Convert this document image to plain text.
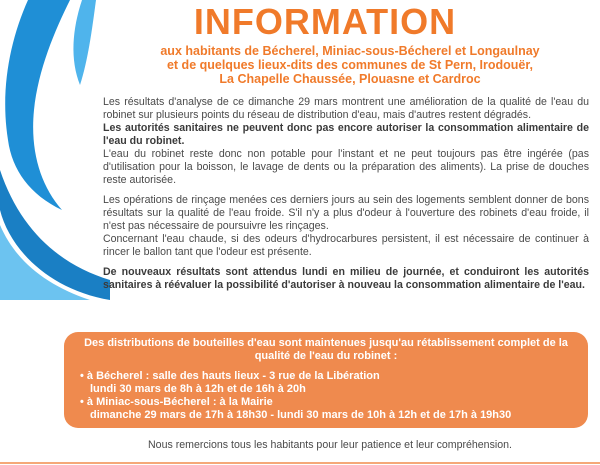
INFORMATION
aux habitants de Bécherel, Miniac-sous-Bécherel et Longaulnay
et de quelques lieux-dits des communes de St Pern, Irodouër,
La Chapelle Chaussée, Plouasne et Cardroc

Les résultats d'analyse de ce dimanche 29 mars montrent une amélioration de la qualité de l'eau du robinet sur plusieurs points du réseau de distribution d'eau, mais d'autres restent dégradés.

Les autorités sanitaires ne peuvent donc pas encore autoriser la consommation alimentaire de l'eau du robinet.

L'eau du robinet reste donc non potable pour l'instant et ne peut toujours pas être ingérée (pas d'utilisation pour la boisson, le lavage de dents ou la préparation des aliments). La prise de douches reste autorisée.

Les opérations de rinçage menées ces derniers jours au sein des logements semblent donner de bons résultats sur la qualité de l'eau froide. S'il n'y a plus d'odeur à l'ouverture des robinets d'eau froide, il n'est pas nécessaire de poursuivre les rinçages.

Concernant l'eau chaude, si des odeurs d'hydrocarbures persistent, il est nécessaire de continuer à rincer le ballon tant que l'odeur est présente.

De nouveaux résultats sont attendus lundi en milieu de journée, et conduiront les autorités sanitaires à réévaluer la possibilité d'autoriser à nouveau la consommation alimentaire de l'eau.

Des distributions de bouteilles d'eau sont maintenues jusqu'au rétablissement complet de la qualité de l'eau du robinet :
• à Bécherel : salle des hauts lieux - 3 rue de la Libération
lundi 30 mars de 8h à 12h et de 16h à 20h
• à Miniac-sous-Bécherel : à la Mairie
dimanche 29 mars de 17h à 18h30 - lundi 30 mars de 10h à 12h et de 17h à 19h30
Nous remercions tous les habitants pour leur patience et leur compréhension.
